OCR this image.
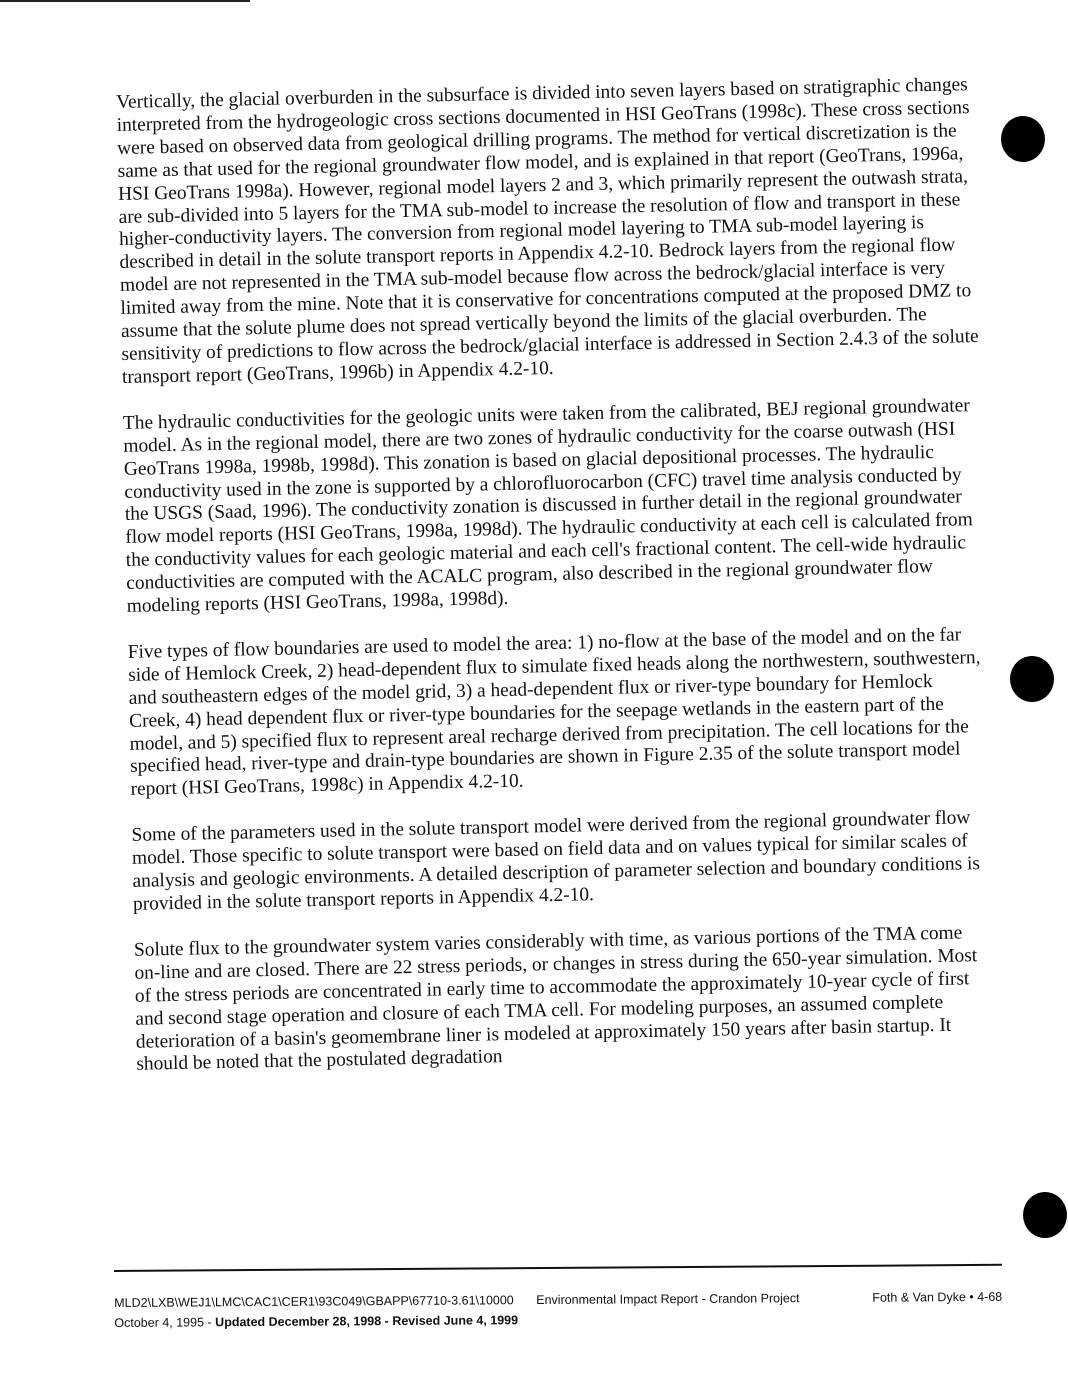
Vertically, the glacial overburden in the subsurface is divided into seven layers based on stratigraphic changes interpreted from the hydrogeologic cross sections documented in HSI GeoTrans (1998c). These cross sections were based on observed data from geological drilling programs. The method for vertical discretization is the same as that used for the regional groundwater flow model, and is explained in that report (GeoTrans, 1996a, HSI GeoTrans 1998a). However, regional model layers 2 and 3, which primarily represent the outwash strata, are sub-divided into 5 layers for the TMA sub-model to increase the resolution of flow and transport in these higher-conductivity layers. The conversion from regional model layering to TMA sub-model layering is described in detail in the solute transport reports in Appendix 4.2-10. Bedrock layers from the regional flow model are not represented in the TMA sub-model because flow across the bedrock/glacial interface is very limited away from the mine. Note that it is conservative for concentrations computed at the proposed DMZ to assume that the solute plume does not spread vertically beyond the limits of the glacial overburden. The sensitivity of predictions to flow across the bedrock/glacial interface is addressed in Section 2.4.3 of the solute transport report (GeoTrans, 1996b) in Appendix 4.2-10.

The hydraulic conductivities for the geologic units were taken from the calibrated, BEJ regional groundwater model. As in the regional model, there are two zones of hydraulic conductivity for the coarse outwash (HSI GeoTrans 1998a, 1998b, 1998d). This zonation is based on glacial depositional processes. The hydraulic conductivity used in the zone is supported by a chlorofluorocarbon (CFC) travel time analysis conducted by the USGS (Saad, 1996). The conductivity zonation is discussed in further detail in the regional groundwater flow model reports (HSI GeoTrans, 1998a, 1998d). The hydraulic conductivity at each cell is calculated from the conductivity values for each geologic material and each cell's fractional content. The cell-wide hydraulic conductivities are computed with the ACALC program, also described in the regional groundwater flow modeling reports (HSI GeoTrans, 1998a, 1998d).

Five types of flow boundaries are used to model the area: 1) no-flow at the base of the model and on the far side of Hemlock Creek, 2) head-dependent flux to simulate fixed heads along the northwestern, southwestern, and southeastern edges of the model grid, 3) a head-dependent flux or river-type boundary for Hemlock Creek, 4) head dependent flux or river-type boundaries for the seepage wetlands in the eastern part of the model, and 5) specified flux to represent areal recharge derived from precipitation. The cell locations for the specified head, river-type and drain-type boundaries are shown in Figure 2.35 of the solute transport model report (HSI GeoTrans, 1998c) in Appendix 4.2-10.

Some of the parameters used in the solute transport model were derived from the regional groundwater flow model. Those specific to solute transport were based on field data and on values typical for similar scales of analysis and geologic environments. A detailed description of parameter selection and boundary conditions is provided in the solute transport reports in Appendix 4.2-10.

Solute flux to the groundwater system varies considerably with time, as various portions of the TMA come on-line and are closed. There are 22 stress periods, or changes in stress during the 650-year simulation. Most of the stress periods are concentrated in early time to accommodate the approximately 10-year cycle of first and second stage operation and closure of each TMA cell. For modeling purposes, an assumed complete deterioration of a basin's geomembrane liner is modeled at approximately 150 years after basin startup. It should be noted that the postulated degradation

MLD2\LXB\WEJ1\LMC\CAC1\CER1\93C049\GBAPP\67710-3.61\10000 Environmental Impact Report - Crandon Project	Foth & Van Dyke • 4-68
October 4, 1995 - Updated December 28, 1998 - Revised June 4, 1999
